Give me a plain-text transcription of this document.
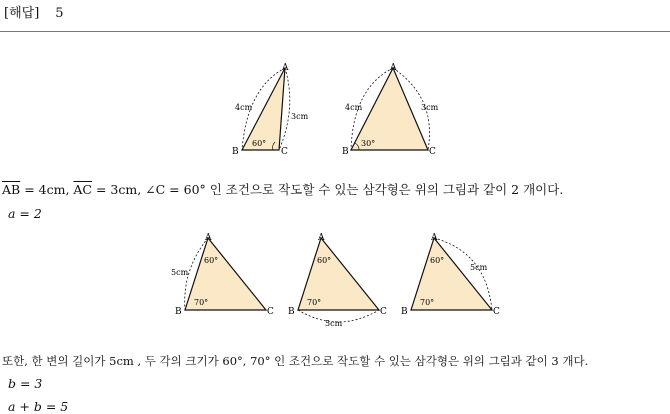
[해답] 5
A
B	C
4cm
3cm
60°
A
B	C
4cm	3cm
30°
$\overline{AB} = 4cm$, $\overline{AC} = 3cm$, ∠C = 60° 인 조건으로 작도할 수 있는 삼각형은 위의 그림과 같이 2 개이다.
a = 2
A
B	C
60°
70°
5cm
A
B	C
60°
70°
5cm
A
B	C
60°
70°
5cm
또한, 한 변의 길이가 5cm , 두 각의 크기가 60°, 70° 인 조건으로 작도할 수 있는 삼각형은 위의 그림과 같이 3 개다.
b = 3
a + b = 5
